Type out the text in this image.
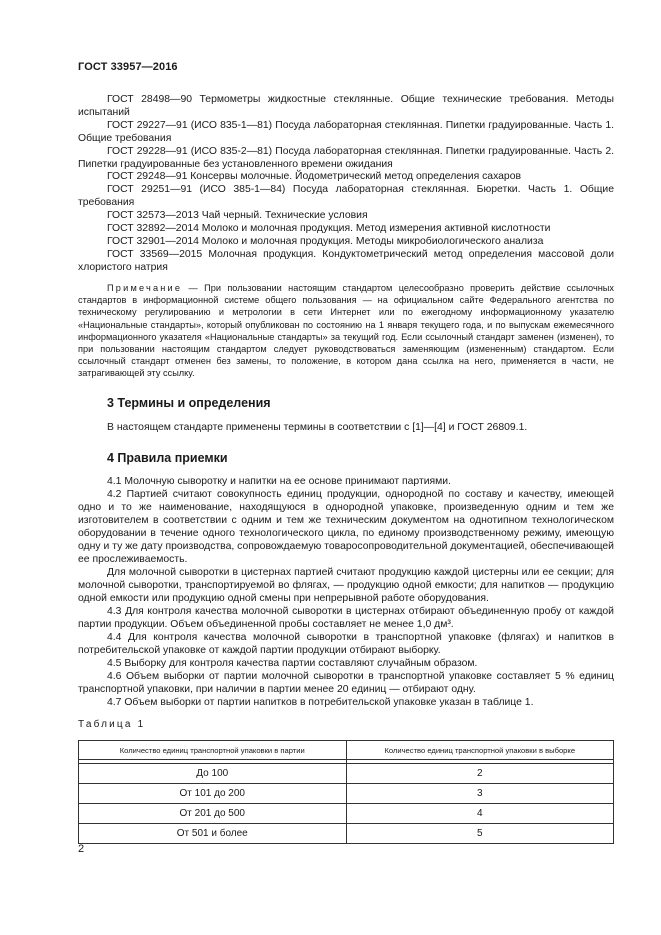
ГОСТ 33957—2016

ГОСТ 28498—90 Термометры жидкостные стеклянные. Общие технические требования. Методы испытаний

ГОСТ 29227—91 (ИСО 835-1—81) Посуда лабораторная стеклянная. Пипетки градуированные. Часть 1. Общие требования

ГОСТ 29228—91 (ИСО 835-2—81) Посуда лабораторная стеклянная. Пипетки градуированные. Часть 2. Пипетки градуированные без установленного времени ожидания

ГОСТ 29248—91 Консервы молочные. Йодометрический метод определения сахаров

ГОСТ 29251—91 (ИСО 385-1—84) Посуда лабораторная стеклянная. Бюретки. Часть 1. Общие требования

ГОСТ 32573—2013 Чай черный. Технические условия

ГОСТ 32892—2014 Молоко и молочная продукция. Метод измерения активной кислотности

ГОСТ 32901—2014 Молоко и молочная продукция. Методы микробиологического анализа

ГОСТ 33569—2015 Молочная продукция. Кондуктометрический метод определения массовой доли хлористого натрия

Примечание — При пользовании настоящим стандартом целесообразно проверить действие ссылочных стандартов в информационной системе общего пользования — на официальном сайте Федерального агентства по техническому регулированию и метрологии в сети Интернет или по ежегодному информационному указателю «Национальные стандарты», который опубликован по состоянию на 1 января текущего года, и по выпускам ежемесячного информационного указателя «Национальные стандарты» за текущий год. Если ссылочный стандарт заменен (изменен), то при пользовании настоящим стандартом следует руководствоваться заменяющим (измененным) стандартом. Если ссылочный стандарт отменен без замены, то положение, в котором дана ссылка на него, применяется в части, не затрагивающей эту ссылку.

3 Термины и определения
В настоящем стандарте применены термины в соответствии с [1]—[4] и ГОСТ 26809.1.
4 Правила приемки

4.1 Молочную сыворотку и напитки на ее основе принимают партиями.

4.2 Партией считают совокупность единиц продукции, однородной по составу и качеству, имеющей одно и то же наименование, находящуюся в однородной упаковке, произведенную одним и тем же изготовителем в соответствии с одним и тем же техническим документом на однотипном технологическом оборудовании в течение одного технологического цикла, по единому производственному режиму, имеющую одну и ту же дату производства, сопровождаемую товаросопроводительной документацией, обеспечивающей ее прослеживаемость.

Для молочной сыворотки в цистернах партией считают продукцию каждой цистерны или ее секции; для молочной сыворотки, транспортируемой во флягах, — продукцию одной емкости; для напитков — продукцию одной емкости или продукцию одной смены при непрерывной работе оборудования.

4.3 Для контроля качества молочной сыворотки в цистернах отбирают объединенную пробу от каждой партии продукции. Объем объединенной пробы составляет не менее 1,0 дм³.

4.4 Для контроля качества молочной сыворотки в транспортной упаковке (флягах) и напитков в потребительской упаковке от каждой партии продукции отбирают выборку.

4.5 Выборку для контроля качества партии составляют случайным образом.

4.6 Объем выборки от партии молочной сыворотки в транспортной упаковке составляет 5 % единиц транспортной упаковки, при наличии в партии менее 20 единиц — отбирают одну.

4.7 Объем выборки от партии напитков в потребительской упаковке указан в таблице 1.

Таблица 1
Количество единиц транспортной упаковки в партии	Количество единиц транспортной упаковки в выборке

До 100	2
От 101 до 200	3
От 201 до 500	4
От 501 и более	5
2
